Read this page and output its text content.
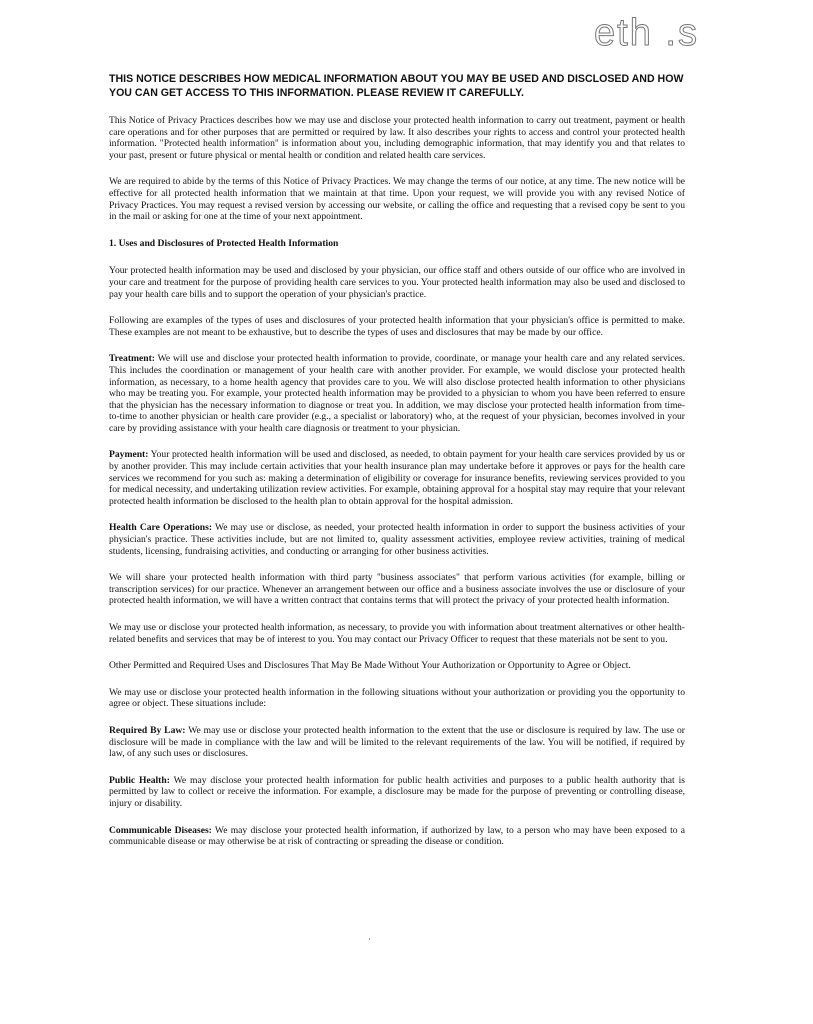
eth .s
THIS NOTICE DESCRIBES HOW MEDICAL INFORMATION ABOUT YOU MAY BE USED AND DISCLOSED AND HOW YOU CAN GET ACCESS TO THIS INFORMATION. PLEASE REVIEW IT CAREFULLY.

This Notice of Privacy Practices describes how we may use and disclose your protected health information to carry out treatment, payment or health care operations and for other purposes that are permitted or required by law. It also describes your rights to access and control your protected health information. "Protected health information" is information about you, including demographic information, that may identify you and that relates to your past, present or future physical or mental health or condition and related health care services.

We are required to abide by the terms of this Notice of Privacy Practices. We may change the terms of our notice, at any time. The new notice will be effective for all protected health information that we maintain at that time. Upon your request, we will provide you with any revised Notice of Privacy Practices. You may request a revised version by accessing our website, or calling the office and requesting that a revised copy be sent to you in the mail or asking for one at the time of your next appointment.

1. Uses and Disclosures of Protected Health Information

Your protected health information may be used and disclosed by your physician, our office staff and others outside of our office who are involved in your care and treatment for the purpose of providing health care services to you. Your protected health information may also be used and disclosed to pay your health care bills and to support the operation of your physician's practice.

Following are examples of the types of uses and disclosures of your protected health information that your physician's office is permitted to make. These examples are not meant to be exhaustive, but to describe the types of uses and disclosures that may be made by our office.

Treatment: We will use and disclose your protected health information to provide, coordinate, or manage your health care and any related services. This includes the coordination or management of your health care with another provider. For example, we would disclose your protected health information, as necessary, to a home health agency that provides care to you. We will also disclose protected health information to other physicians who may be treating you. For example, your protected health information may be provided to a physician to whom you have been referred to ensure that the physician has the necessary information to diagnose or treat you. In addition, we may disclose your protected health information from time-to-time to another physician or health care provider (e.g., a specialist or laboratory) who, at the request of your physician, becomes involved in your care by providing assistance with your health care diagnosis or treatment to your physician.

Payment: Your protected health information will be used and disclosed, as needed, to obtain payment for your health care services provided by us or by another provider. This may include certain activities that your health insurance plan may undertake before it approves or pays for the health care services we recommend for you such as: making a determination of eligibility or coverage for insurance benefits, reviewing services provided to you for medical necessity, and undertaking utilization review activities. For example, obtaining approval for a hospital stay may require that your relevant protected health information be disclosed to the health plan to obtain approval for the hospital admission.

Health Care Operations: We may use or disclose, as needed, your protected health information in order to support the business activities of your physician's practice. These activities include, but are not limited to, quality assessment activities, employee review activities, training of medical students, licensing, fundraising activities, and conducting or arranging for other business activities.

We will share your protected health information with third party "business associates" that perform various activities (for example, billing or transcription services) for our practice. Whenever an arrangement between our office and a business associate involves the use or disclosure of your protected health information, we will have a written contract that contains terms that will protect the privacy of your protected health information.

We may use or disclose your protected health information, as necessary, to provide you with information about treatment alternatives or other health-related benefits and services that may be of interest to you. You may contact our Privacy Officer to request that these materials not be sent to you.

Other Permitted and Required Uses and Disclosures That May Be Made Without Your Authorization or Opportunity to Agree or Object.

We may use or disclose your protected health information in the following situations without your authorization or providing you the opportunity to agree or object. These situations include:

Required By Law: We may use or disclose your protected health information to the extent that the use or disclosure is required by law. The use or disclosure will be made in compliance with the law and will be limited to the relevant requirements of the law. You will be notified, if required by law, of any such uses or disclosures.

Public Health: We may disclose your protected health information for public health activities and purposes to a public health authority that is permitted by law to collect or receive the information. For example, a disclosure may be made for the purpose of preventing or controlling disease, injury or disability.

Communicable Diseases: We may disclose your protected health information, if authorized by law, to a person who may have been exposed to a communicable disease or may otherwise be at risk of contracting or spreading the disease or condition.

·
